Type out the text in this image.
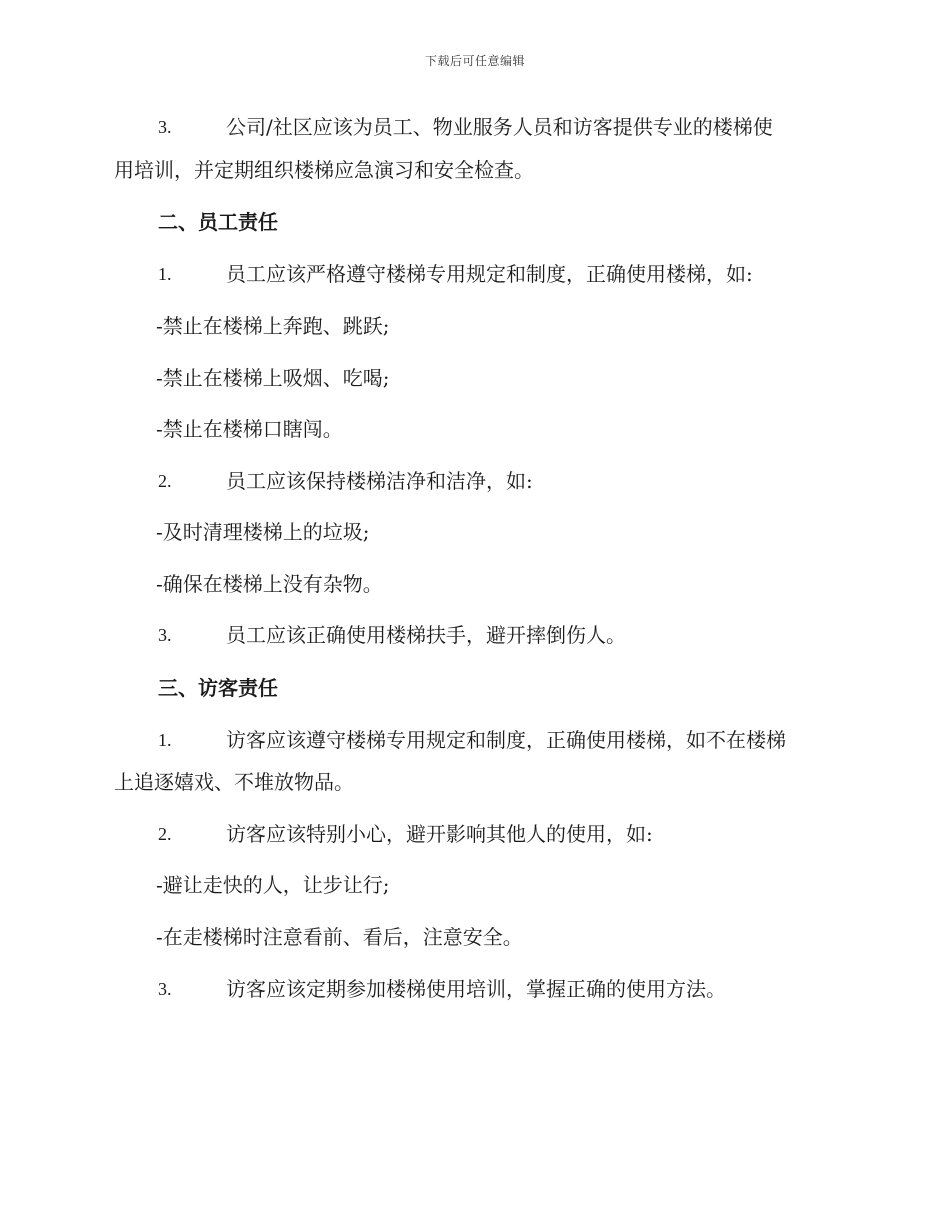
下载后可任意编辑
3.	公司/社区应该为员工、物业服务人员和访客提供专业的楼梯使
用培训，并定期组织楼梯应急演习和安全检查。
二、员工责任
1.	员工应该严格遵守楼梯专用规定和制度，正确使用楼梯，如:
-禁止在楼梯上奔跑、跳跃;
-禁止在楼梯上吸烟、吃喝;
-禁止在楼梯口瞎闯。
2.	员工应该保持楼梯洁净和洁净，如:
-及时清理楼梯上的垃圾;
-确保在楼梯上没有杂物。
3.	员工应该正确使用楼梯扶手，避开摔倒伤人。
三、访客责任
1.	访客应该遵守楼梯专用规定和制度，正确使用楼梯，如不在楼梯
上追逐嬉戏、不堆放物品。
2.	访客应该特别小心，避开影响其他人的使用，如:
-避让走快的人，让步让行;
-在走楼梯时注意看前、看后，注意安全。
3.	访客应该定期参加楼梯使用培训，掌握正确的使用方法。
